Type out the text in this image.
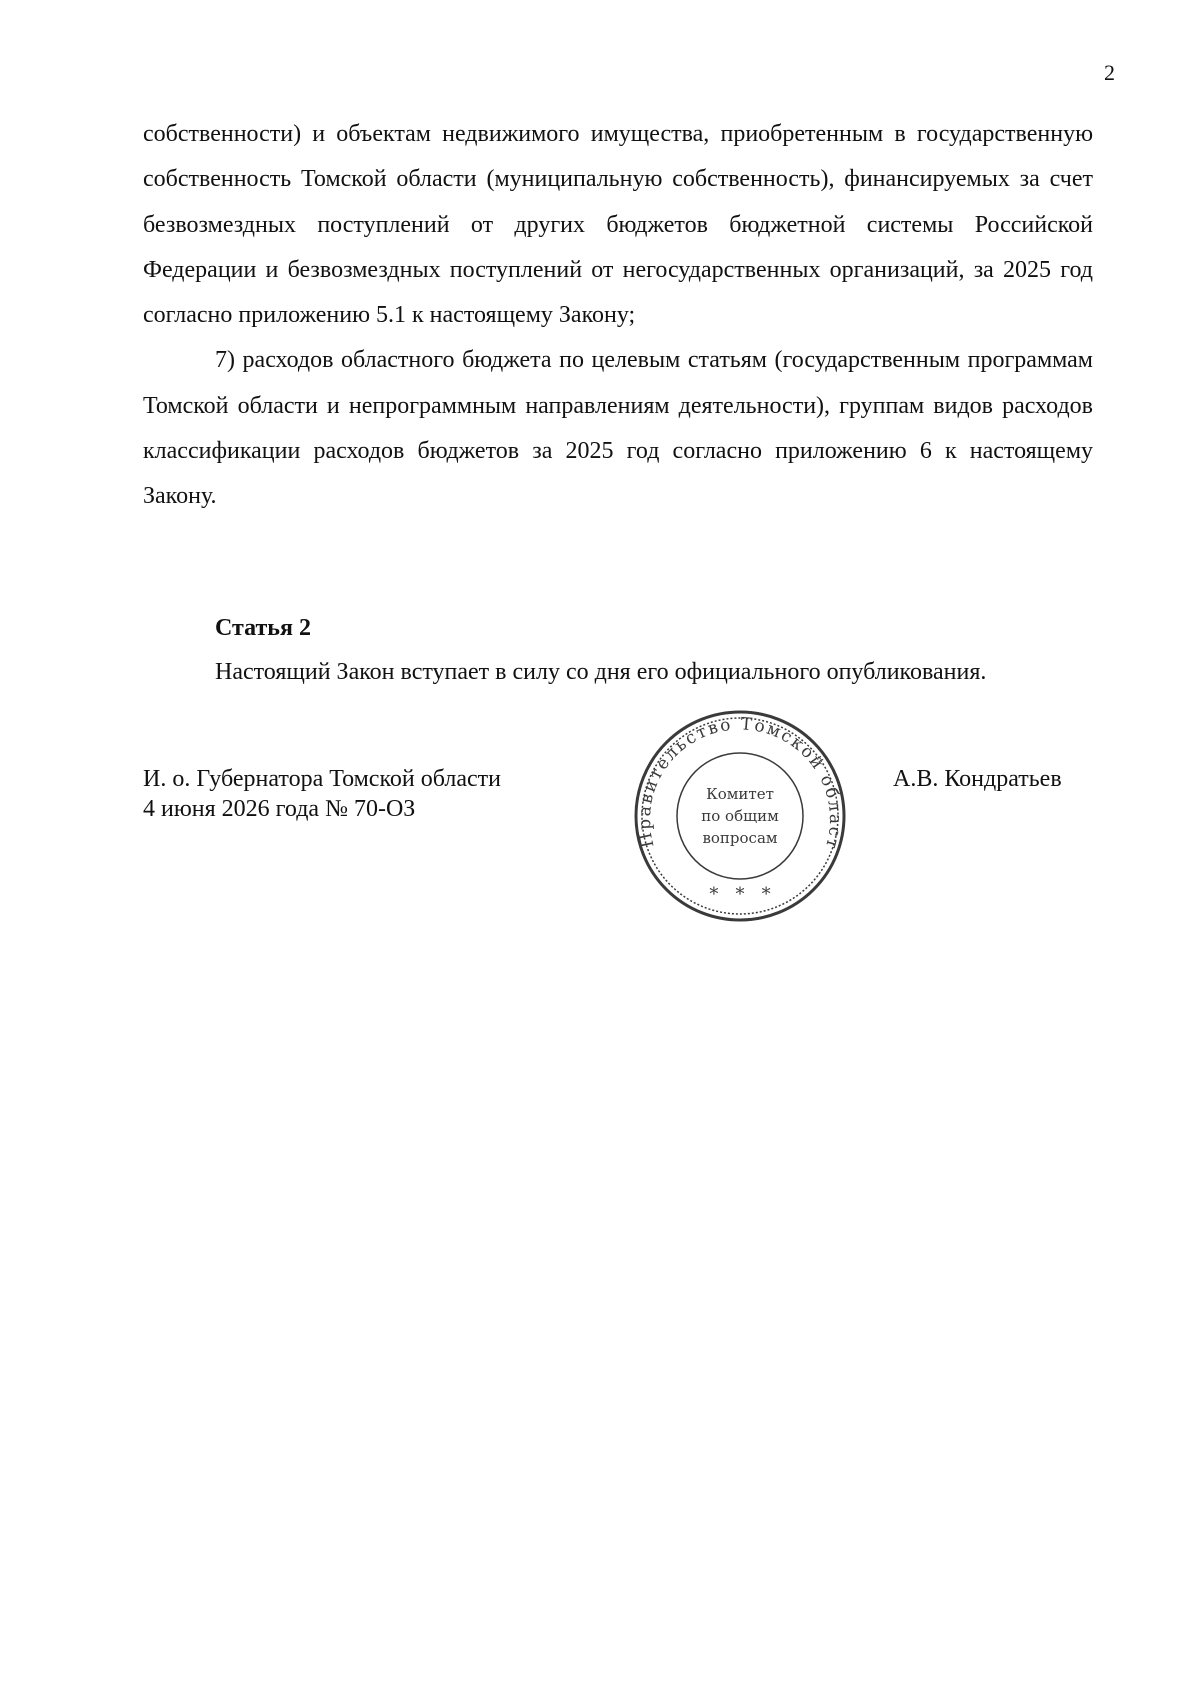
2

собственности) и объектам недвижимого имущества, приобретенным в государственную собственность Томской области (муниципальную собственность), финансируемых за счет безвозмездных поступлений от других бюджетов бюджетной системы Российской Федерации и безвозмездных поступлений от негосударственных организаций, за 2025 год согласно приложению 5.1 к настоящему Закону;

7) расходов областного бюджета по целевым статьям (государственным программам Томской области и непрограммным направлениям деятельности), группам видов расходов классификации расходов бюджетов за 2025 год согласно приложению 6 к настоящему Закону.

Статья 2

Настоящий Закон вступает в силу со дня его официального опубликования.

И. о. Губернатора Томской области
4 июня 2026 года № 70-ОЗ
А.В. Кондратьев
Правительство Томской област
Комитет
по общим
вопросам
*   *   *
